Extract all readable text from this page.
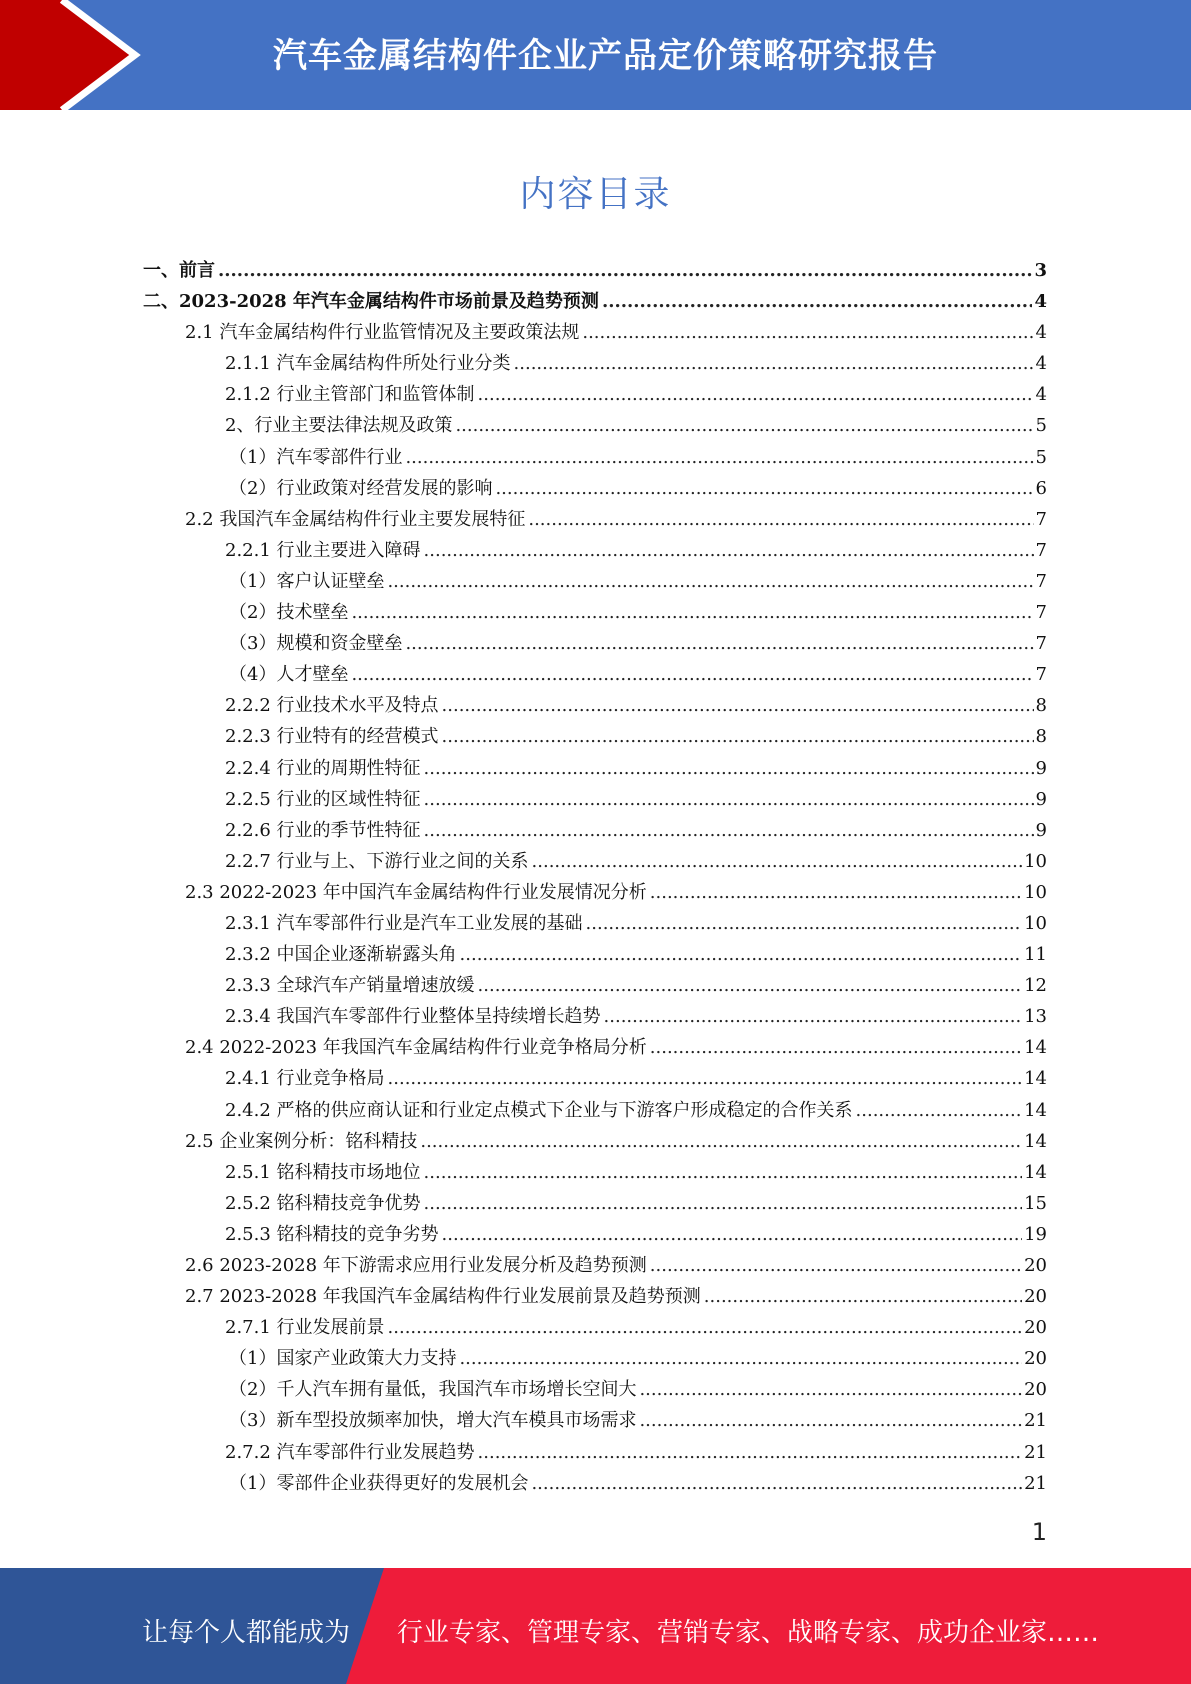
汽车金属结构件企业产品定价策略研究报告
内容目录
一、前言 .....	3
二、2023-2028 年汽车金属结构件市场前景及趋势预测 .....	4
2.1 汽车金属结构件行业监管情况及主要政策法规 .....	4
2.1.1 汽车金属结构件所处行业分类 .....	4
2.1.2 行业主管部门和监管体制 .....	4
2、行业主要法律法规及政策 .....	5
（1）汽车零部件行业 .....	5
（2）行业政策对经营发展的影响 .....	6
2.2 我国汽车金属结构件行业主要发展特征 .....	7
2.2.1 行业主要进入障碍 .....	7
（1）客户认证壁垒 .....	7
（2）技术壁垒 .....	7
（3）规模和资金壁垒 .....	7
（4）人才壁垒 .....	7
2.2.2 行业技术水平及特点 .....	8
2.2.3 行业特有的经营模式 .....	8
2.2.4 行业的周期性特征 .....	9
2.2.5 行业的区域性特征 .....	9
2.2.6 行业的季节性特征 .....	9
2.2.7 行业与上、下游行业之间的关系 .....	10
2.3 2022-2023 年中国汽车金属结构件行业发展情况分析 .....	10
2.3.1 汽车零部件行业是汽车工业发展的基础 .....	10
2.3.2 中国企业逐渐崭露头角 .....	11
2.3.3 全球汽车产销量增速放缓 .....	12
2.3.4 我国汽车零部件行业整体呈持续增长趋势 .....	13
2.4 2022-2023 年我国汽车金属结构件行业竞争格局分析 .....	14
2.4.1 行业竞争格局 .....	14
2.4.2 严格的供应商认证和行业定点模式下企业与下游客户形成稳定的合作关系 .....	14
2.5 企业案例分析：铭科精技 .....	14
2.5.1 铭科精技市场地位 .....	14
2.5.2 铭科精技竞争优势 .....	15
2.5.3 铭科精技的竞争劣势 .....	19
2.6 2023-2028 年下游需求应用行业发展分析及趋势预测 .....	20
2.7 2023-2028 年我国汽车金属结构件行业发展前景及趋势预测 .....	20
2.7.1 行业发展前景 .....	20
（1）国家产业政策大力支持 .....	20
（2）千人汽车拥有量低，我国汽车市场增长空间大 .....	20
（3）新车型投放频率加快，增大汽车模具市场需求 .....	21
2.7.2 汽车零部件行业发展趋势 .....	21
（1）零部件企业获得更好的发展机会 .....	21
1
让每个人都能成为 行业专家、管理专家、营销专家、战略专家、成功企业家……
